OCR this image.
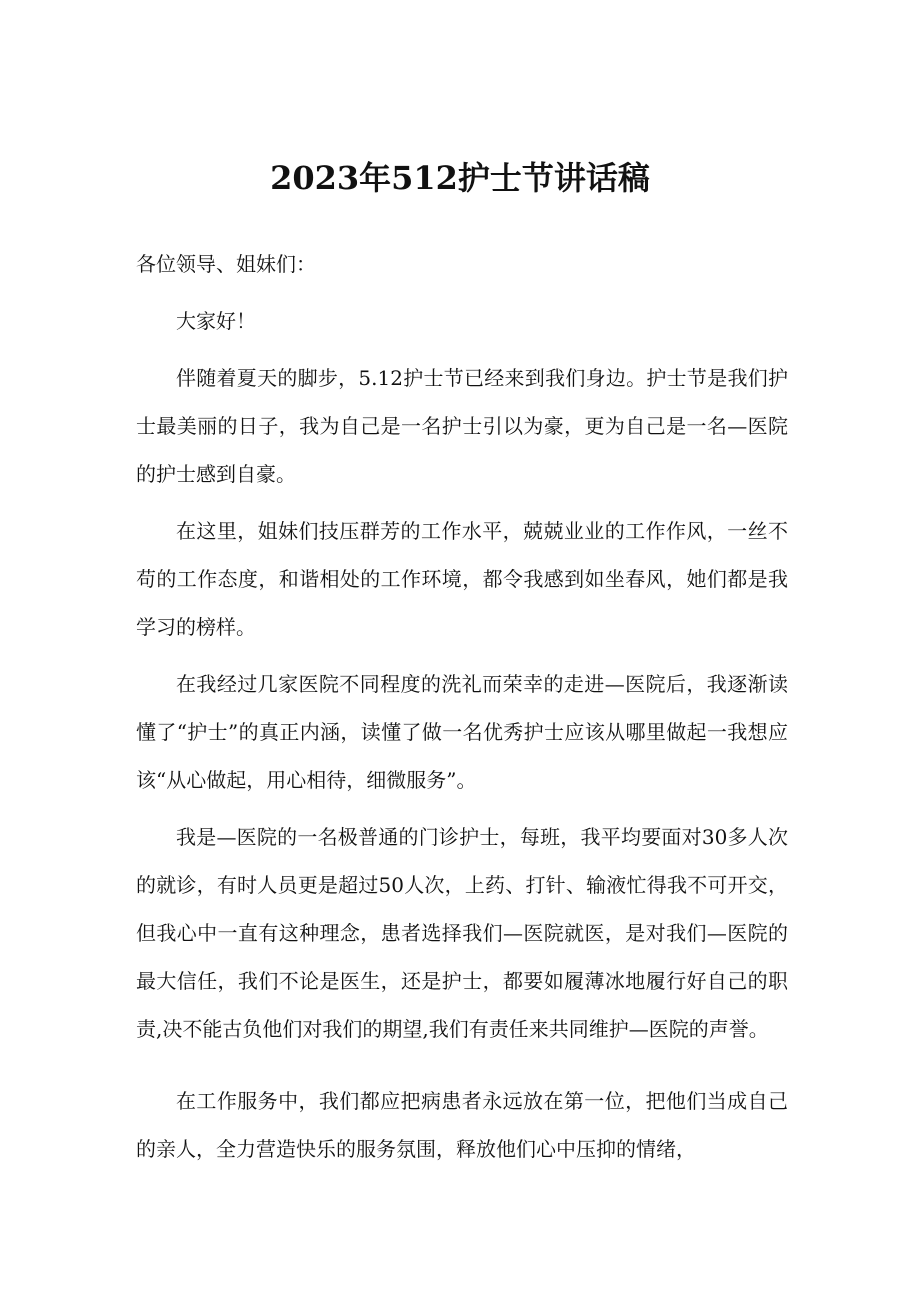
2023年512护士节讲话稿

各位领导、姐妹们：

大家好！

伴随着夏天的脚步，5.12护士节已经来到我们身边。护士节是我们护士最美丽的日子，我为自己是一名护士引以为豪，更为自己是一名—医院的护士感到自豪。

在这里，姐妹们技压群芳的工作水平，兢兢业业的工作作风，一丝不苟的工作态度，和谐相处的工作环境，都令我感到如坐春风，她们都是我学习的榜样。

在我经过几家医院不同程度的洗礼而荣幸的走进—医院后，我逐渐读懂了“护士”的真正内涵，读懂了做一名优秀护士应该从哪里做起一我想应该“从心做起，用心相待，细微服务”。

我是—医院的一名极普通的门诊护士，每班，我平均要面对30多人次的就诊，有时人员更是超过50人次，上药、打针、输液忙得我不可开交，但我心中一直有这种理念，患者选择我们—医院就医，是对我们—医院的最大信任，我们不论是医生，还是护士，都要如履薄冰地履行好自己的职责,决不能古负他们对我们的期望,我们有责任来共同维护—医院的声誉。

在工作服务中，我们都应把病患者永远放在第一位，把他们当成自己的亲人，全力营造快乐的服务氛围，释放他们心中压抑的情绪，
